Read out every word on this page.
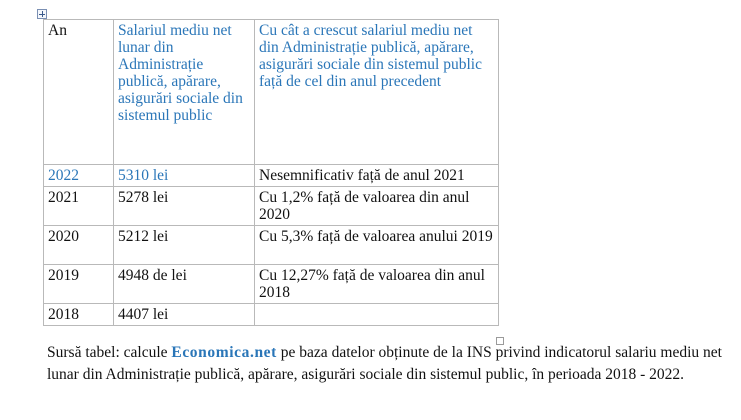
An	Salariul mediu net lunar din Administrație publică, apărare, asigurări sociale din sistemul public	Cu cât a crescut salariul mediu net din Administrație publică, apărare, asigurări sociale din sistemul public față de cel din anul precedent
2022	5310 lei	Nesemnificativ față de anul 2021
2021	5278 lei	Cu 1,2% față de valoarea din anul 2020
2020	5212 lei	Cu 5,3% față de valoarea anului 2019
2019	4948 de lei	Cu 12,27% față de valoarea din anul 2018
2018	4407 lei	

Sursă tabel: calcule Economica.net pe baza datelor obținute de la INS privind indicatorul salariu mediu net lunar din Administrație publică, apărare, asigurări sociale din sistemul public, în perioada 2018 - 2022.
